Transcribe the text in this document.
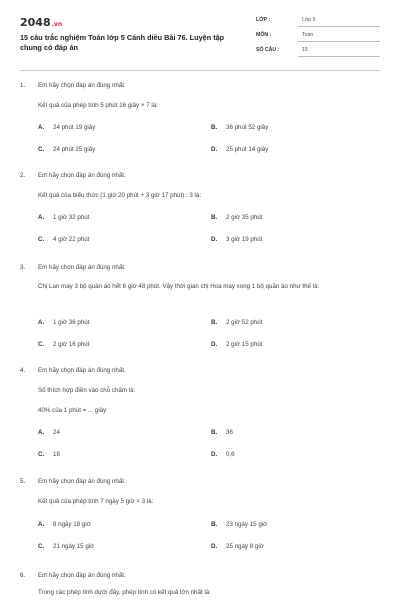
2048.vn
15 câu trắc nghiệm Toán lớp 5 Cánh diều Bài 76. Luyện tập chung có đáp án
LỚP :	Lớp 5
MÔN :	Toán
SỐ CÂU :	15
1. Em hãy chọn đáp án đúng nhất.
Kết quả của phép tính 5 phút 16 giây × 7 là:
A. 24 phút 19 giây	B. 36 phút 52 giây
C. 24 phút 25 giây	D. 25 phút 14 giây
2. Em hãy chọn đáp án đúng nhất.
Kết quả của biểu thức (1 giờ 20 phút + 3 giờ 17 phút) : 3 là:
A. 1 giờ 32 phút	B. 2 giờ 35 phút
C. 4 giờ 22 phút	D. 3 giờ 19 phút
3. Em hãy chọn đáp án đúng nhất.
Chị Lan may 3 bộ quần áo hết 6 giờ 48 phút. Vậy thời gian chị Hoa may xong 1 bộ quần áo như thế là:
A. 1 giờ 36 phút	B. 2 giờ 52 phút
C. 2 giờ 16 phút	D. 2 giờ 15 phút
4. Em hãy chọn đáp án đúng nhất.
Số thích hợp điền vào chỗ chấm là:
40% của 1 phút = ... giây
A. 24	B. 36
C. 18	D. 0,6
5. Em hãy chọn đáp án đúng nhất.
Kết quả của phép tính 7 ngày 5 giờ × 3 là:
A. 8 ngày 18 giờ	B. 23 ngày 15 giờ
C. 21 ngày 15 giờ	D. 25 ngày 8 giờ
6. Em hãy chọn đáp án đúng nhất.
Trong các phép tính dưới đây, phép tính có kết quả lớn nhất là:
